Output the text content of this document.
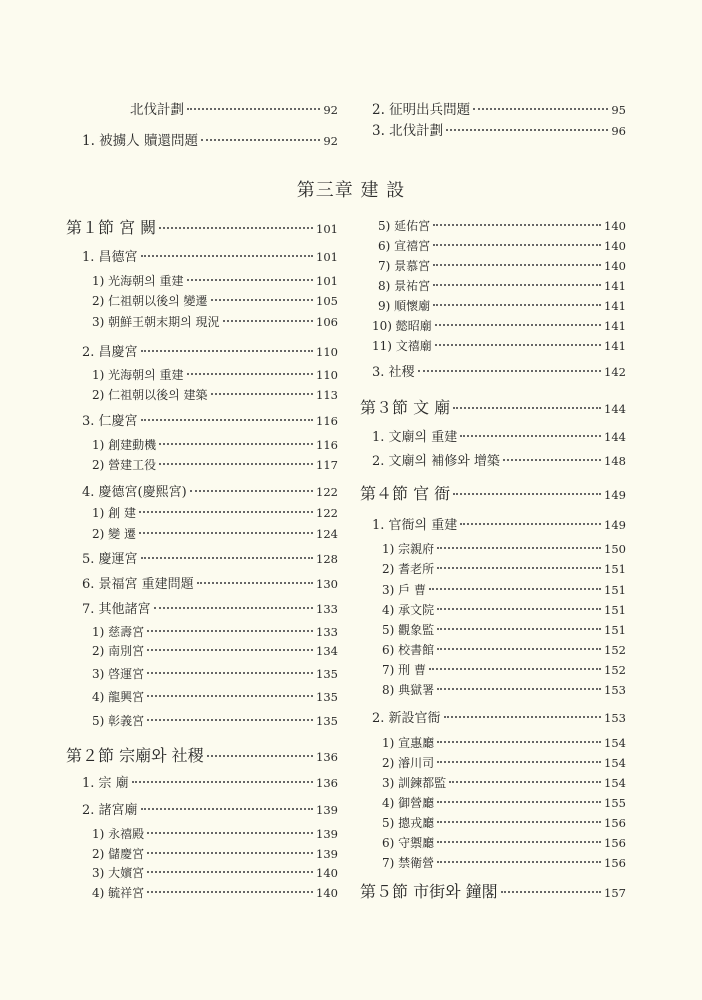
第三章 建 設
北伐計劃	92
1. 被擄人 贖還問題	92
2. 征明出兵問題	95
3. 北伐計劃	96
第１節 宮 闕	101
1. 昌德宮	101
1) 光海朝의 重建	101
2) 仁祖朝以後의 變遷	105
3) 朝鮮王朝末期의 現況	106
2. 昌慶宮	110
1) 光海朝의 重建	110
2) 仁祖朝以後의 建築	113
3. 仁慶宮	116
1) 創建動機	116
2) 營建工役	117
4. 慶德宮(慶熙宮)	122
1) 創 建	122
2) 變 遷	124
5. 慶運宮	128
6. 景福宮 重建問題	130
7. 其他諸宮	133
1) 慈壽宮	133
2) 南別宮	134
3) 啓運宮	135
4) 龍興宮	135
5) 彰義宮	135
第２節 宗廟와 社稷	136
1. 宗 廟	136
2. 諸宮廟	139
1) 永禧殿	139
2) 儲慶宮	139
3) 大嬪宮	140
4) 毓祥宮	140
5) 延佑宮	140
6) 宣禧宮	140
7) 景慕宮	140
8) 景祐宮	141
9) 順懷廟	141
10) 懿昭廟	141
11) 文禧廟	141
3. 社稷	142
第３節 文 廟	144
1. 文廟의 重建	144
2. 文廟의 補修와 增築	148
第４節 官 衙	149
1. 官衙의 重建	149
1) 宗親府	150
2) 耆老所	151
3) 戶 曹	151
4) 承文院	151
5) 觀象監	151
6) 校書館	152
7) 刑 曹	152
8) 典獄署	153
2. 新設官衙	153
1) 宣惠廳	154
2) 濬川司	154
3) 訓鍊都監	154
4) 御營廳	155
5) 摠戎廳	156
6) 守禦廳	156
7) 禁衛營	156
第５節 市街와 鐘閣	157
